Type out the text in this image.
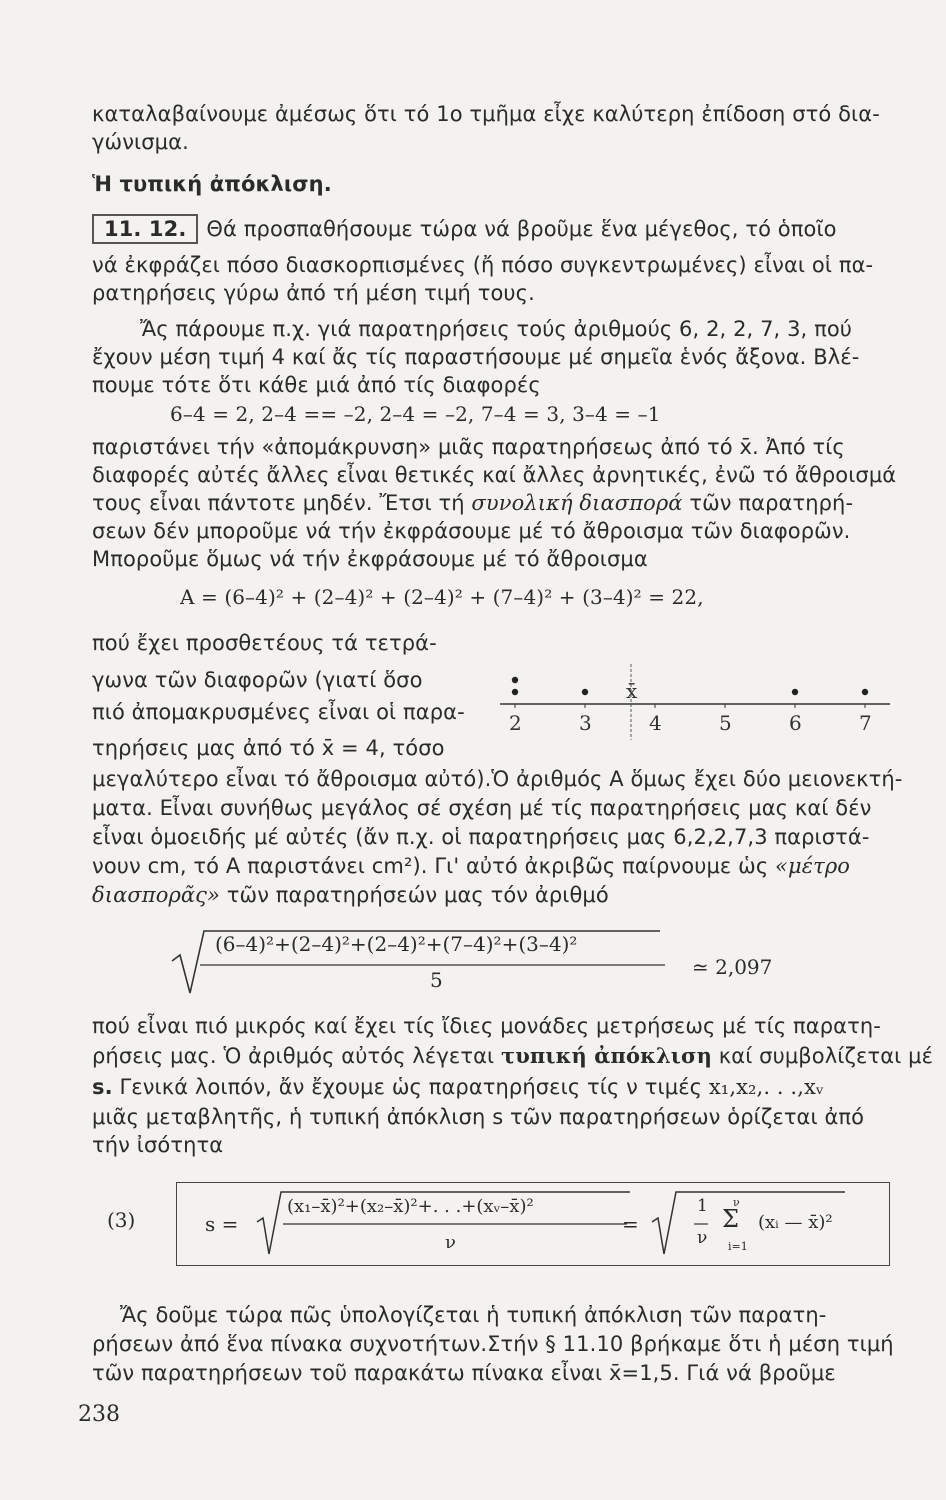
καταλαβαίνουμε ἀμέσως ὅτι τό 1ο τμῆμα εἶχε καλύτερη ἐπίδοση στό δια-
γώνισμα.
Ἡ τυπική ἀπόκλιση.
11. 12. Θά προσπαθήσουμε τώρα νά βροῦμε ἕνα μέγεθος, τό ὁποῖο
νά ἐκφράζει πόσο διασκορπισμένες (ἤ πόσο συγκεντρωμένες) εἶναι οἱ πα-
ρατηρήσεις γύρω ἀπό τή μέση τιμή τους.
Ἄς πάρουμε π.χ. γιά παρατηρήσεις τούς ἀριθμούς 6, 2, 2, 7, 3, πού
ἔχουν μέση τιμή 4 καί ἄς τίς παραστήσουμε μέ σημεῖα ἑνός ἄξονα. Βλέ-
πουμε τότε ὅτι κάθε μιά ἀπό τίς διαφορές
6–4 = 2, 2–4 == –2, 2–4 = –2, 7–4 = 3, 3–4 = –1
παριστάνει τήν «ἀπομάκρυνση» μιᾶς παρατηρήσεως ἀπό τό x̄. Ἀπό τίς
διαφορές αὐτές ἄλλες εἶναι θετικές καί ἄλλες ἀρνητικές, ἐνῶ τό ἄθροισμά
τους εἶναι πάντοτε μηδέν. Ἔτσι τή συνολική διασπορά τῶν παρατηρή-
σεων δέν μποροῦμε νά τήν ἐκφράσουμε μέ τό ἄθροισμα τῶν διαφορῶν.
Μποροῦμε ὅμως νά τήν ἐκφράσουμε μέ τό ἄθροισμα
A = (6–4)² + (2–4)² + (2–4)² + (7–4)² + (3–4)² = 22,
πού ἔχει προσθετέους τά τετρά-
γωνα τῶν διαφορῶν (γιατί ὅσο
πιό ἀπομακρυσμένες εἶναι οἱ παρα-
τηρήσεις μας ἀπό τό x̄ = 4, τόσο
x̄
2	3	4	5	6	7
μεγαλύτερο εἶναι τό ἄθροισμα αὐτό).Ὁ ἀριθμός A ὅμως ἔχει δύο μειονεκτή-
ματα. Εἶναι συνήθως μεγάλος σέ σχέση μέ τίς παρατηρήσεις μας καί δέν
εἶναι ὁμοειδής μέ αὐτές (ἄν π.χ. οἱ παρατηρήσεις μας 6,2,2,7,3 παριστά-
νουν cm, τό A παριστάνει cm²). Γι' αὐτό ἀκριβῶς παίρνουμε ὡς «μέτρο
διασπορᾶς» τῶν παρατηρήσεών μας τόν ἀριθμό
(6–4)²+(2–4)²+(2–4)²+(7–4)²+(3–4)²
5
≃ 2,097
πού εἶναι πιό μικρός καί ἔχει τίς ἴδιες μονάδες μετρήσεως μέ τίς παρατη-
ρήσεις μας. Ὁ ἀριθμός αὐτός λέγεται τυπική ἀπόκλιση καί συμβολίζεται μέ
s. Γενικά λοιπόν, ἄν ἔχουμε ὡς παρατηρήσεις τίς ν τιμές x₁,x₂,. . .,xᵥ
μιᾶς μεταβλητῆς, ἡ τυπική ἀπόκλιση s τῶν παρατηρήσεων ὁρίζεται ἀπό
τήν ἰσότητα
(3)	s =
(x₁–x̄)²+(x₂–x̄)²+. . .+(xᵥ–x̄)²
ν
=
1
ν
ν
Σ
i=1
(xᵢ — x̄)²
Ἄς δοῦμε τώρα πῶς ὑπολογίζεται ἡ τυπική ἀπόκλιση τῶν παρατη-
ρήσεων ἀπό ἕνα πίνακα συχνοτήτων.Στήν § 11.10 βρήκαμε ὅτι ἡ μέση τιμή
τῶν παρατηρήσεων τοῦ παρακάτω πίνακα εἶναι x̄=1,5. Γιά νά βροῦμε
238
